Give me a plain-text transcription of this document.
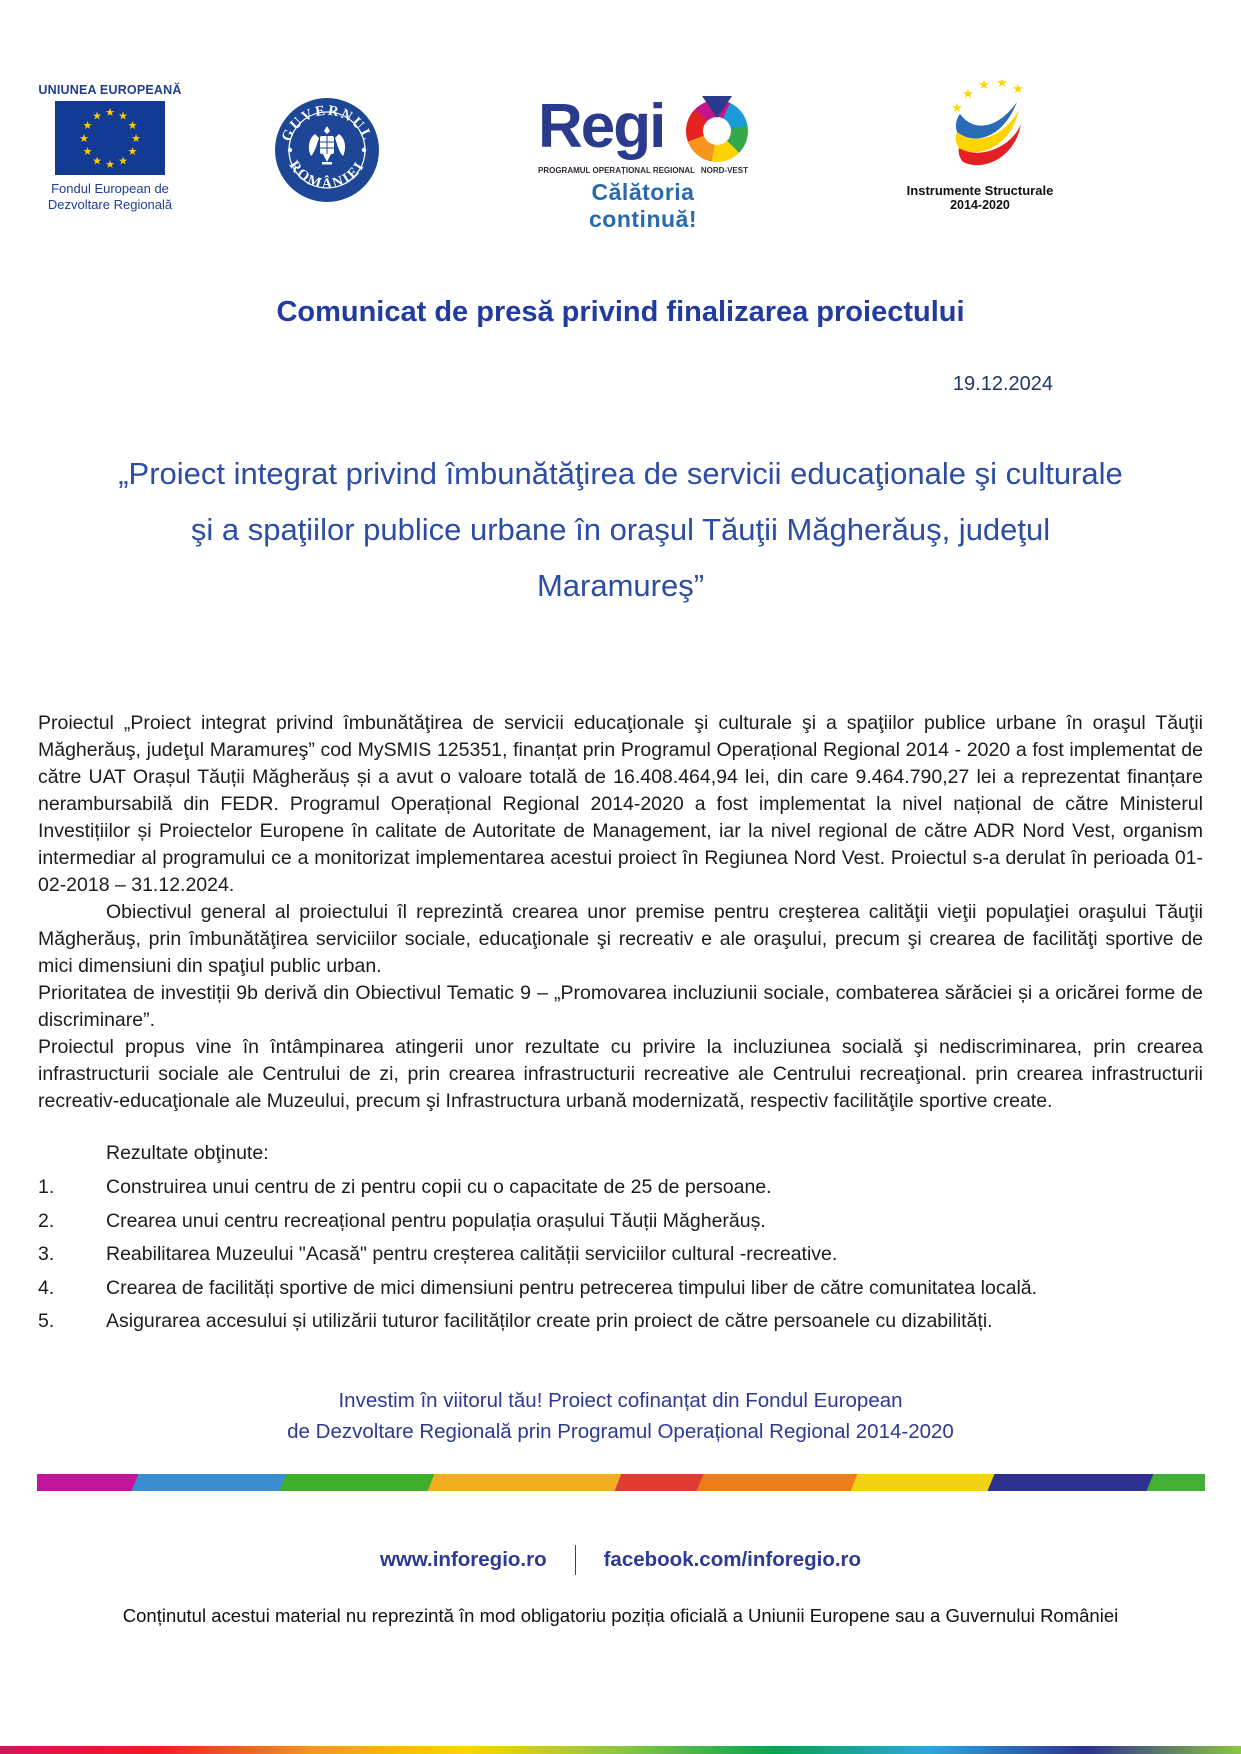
UNIUNEA EUROPEANĂ
★ ★
★
★
★
★
★
★
★
★
★
★
Fondul European de
Dezvoltare Regională
GUVERNUL
ROMÂNIEI
Regi
PROGRAMUL OPERAȚIONAL REGIONAL NORD-VEST
Călătoria continuă!
★
★
★ ★ ★
Instrumente Structurale
2014-2020
Comunicat de presă privind finalizarea proiectului
19.12.2024
„Proiect integrat privind îmbunătăţirea de servicii educaţionale şi culturale şi a spaţiilor publice urbane în oraşul Tăuţii Măgherăuş, judeţul Maramureş”

Proiectul „Proiect integrat privind îmbunătăţirea de servicii educaţionale şi culturale şi a spaţiilor publice urbane în oraşul Tăuţii Măgherăuş, judeţul Maramureş” cod MySMIS 125351, finanțat prin Programul Operațional Regional 2014 - 2020 a fost implementat de către UAT Orașul Tăuții Măgherăuș și a avut o valoare totală de 16.408.464,94 lei, din care 9.464.790,27 lei a reprezentat finanțare nerambursabilă din FEDR. Programul Operațional Regional 2014-2020 a fost implementat la nivel național de către Ministerul Investițiilor și Proiectelor Europene în calitate de Autoritate de Management, iar la nivel regional de către ADR Nord Vest, organism intermediar al programului ce a monitorizat implementarea acestui proiect în Regiunea Nord Vest. Proiectul s-a derulat în perioada 01-02-2018 – 31.12.2024.

Obiectivul general al proiectului îl reprezintă crearea unor premise pentru creşterea calităţii vieţii populaţiei oraşului Tăuţii Măgherăuş, prin îmbunătăţirea serviciilor sociale, educaţionale şi recreativ e ale oraşului, precum şi crearea de facilităţi sportive de mici dimensiuni din spaţiul public urban.

Prioritatea de investiții 9b derivă din Obiectivul Tematic 9 – „Promovarea incluziunii sociale, combaterea sărăciei și a oricărei forme de discriminare”.

Proiectul propus vine în întâmpinarea atingerii unor rezultate cu privire la incluziunea socială şi nediscriminarea, prin crearea infrastructurii sociale ale Centrului de zi, prin crearea infrastructurii recreative ale Centrului recreaţional. prin crearea infrastructurii recreativ-educaţionale ale Muzeului, precum şi Infrastructura urbană modernizată, respectiv facilităţile sportive create.

Rezultate obţinute:
1.	Construirea unui centru de zi pentru copii cu o capacitate de 25 de persoane.
2.	Crearea unui centru recreațional pentru populația orașului Tăuții Măgherăuș.
3.	Reabilitarea Muzeului "Acasă" pentru creșterea calității serviciilor cultural -recreative.
4.	Crearea de facilități sportive de mici dimensiuni pentru petrecerea timpului liber de către comunitatea locală.
5.	Asigurarea accesului și utilizării tuturor facilităților create prin proiect de către persoanele cu dizabilități.
Investim în viitorul tău! Proiect cofinanțat din Fondul European
de Dezvoltare Regională prin Programul Operațional Regional 2014-2020
www.inforegio.ro	facebook.com/inforegio.ro
Conținutul acestui material nu reprezintă în mod obligatoriu poziția oficială a Uniunii Europene sau a Guvernului României
